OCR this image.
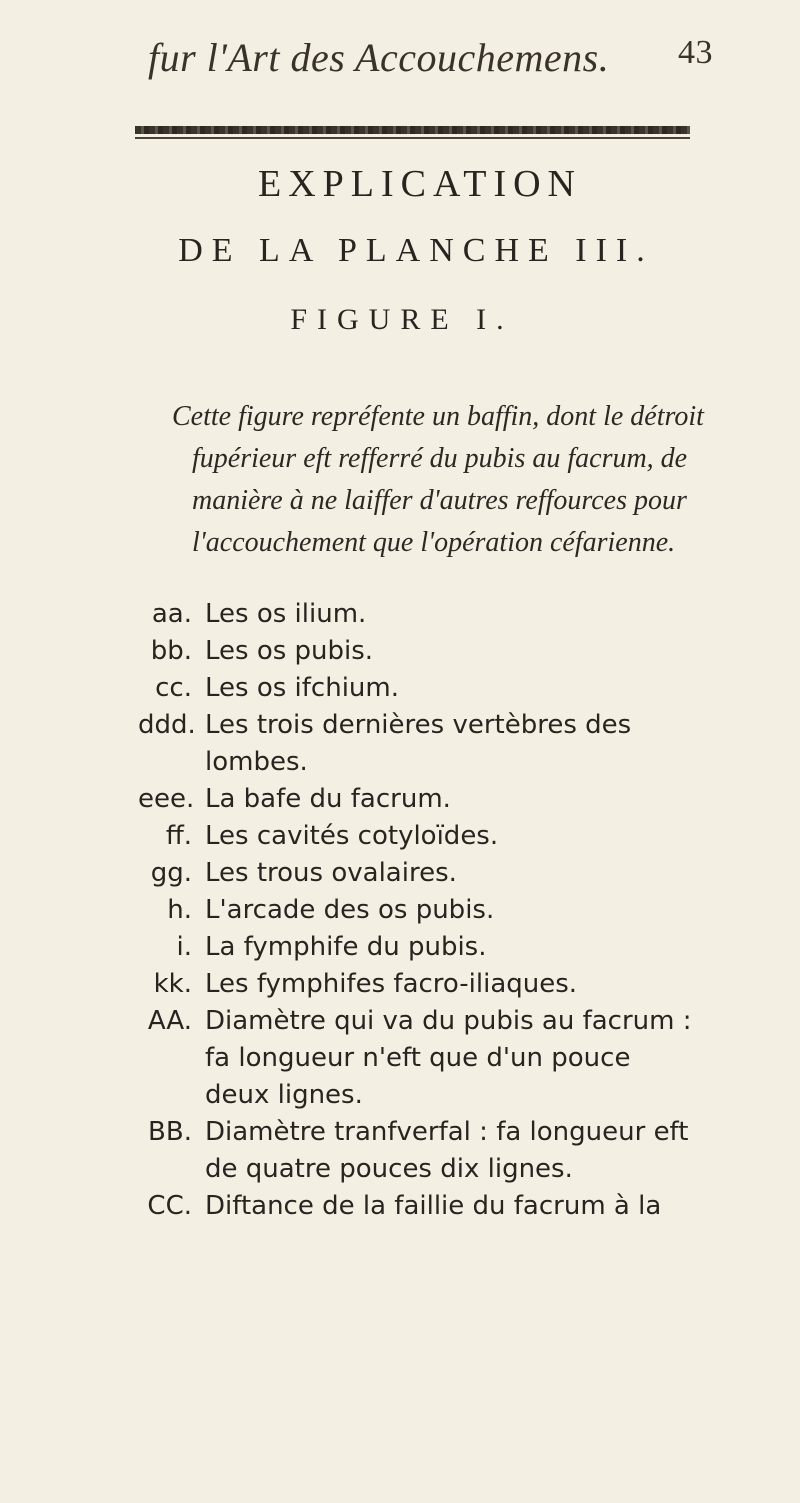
fur l'Art des Accouchemens. 43
EXPLICATION
DE LA PLANCHE III.
FIGURE I.

Cette figure repréfente un baffin, dont le détroit fupérieur eft refferré du pubis au facrum, de manière à ne laiffer d'autres reffources pour l'accouchement que l'opération céfarienne.

aa. Les os ilium.
bb. Les os pubis.
cc. Les os ifchium.
ddd. Les trois dernières vertèbres des lombes.
eee. La bafe du facrum.
ff. Les cavités cotyloïdes.
gg. Les trous ovalaires.
h. L'arcade des os pubis.
i. La fymphife du pubis.
kk. Les fymphifes facro-iliaques.
AA. Diamètre qui va du pubis au facrum : fa longueur n'eft que d'un pouce deux lignes.
BB. Diamètre tranfverfal : fa longueur eft de quatre pouces dix lignes.
CC. Diftance de la faillie du facrum à la
